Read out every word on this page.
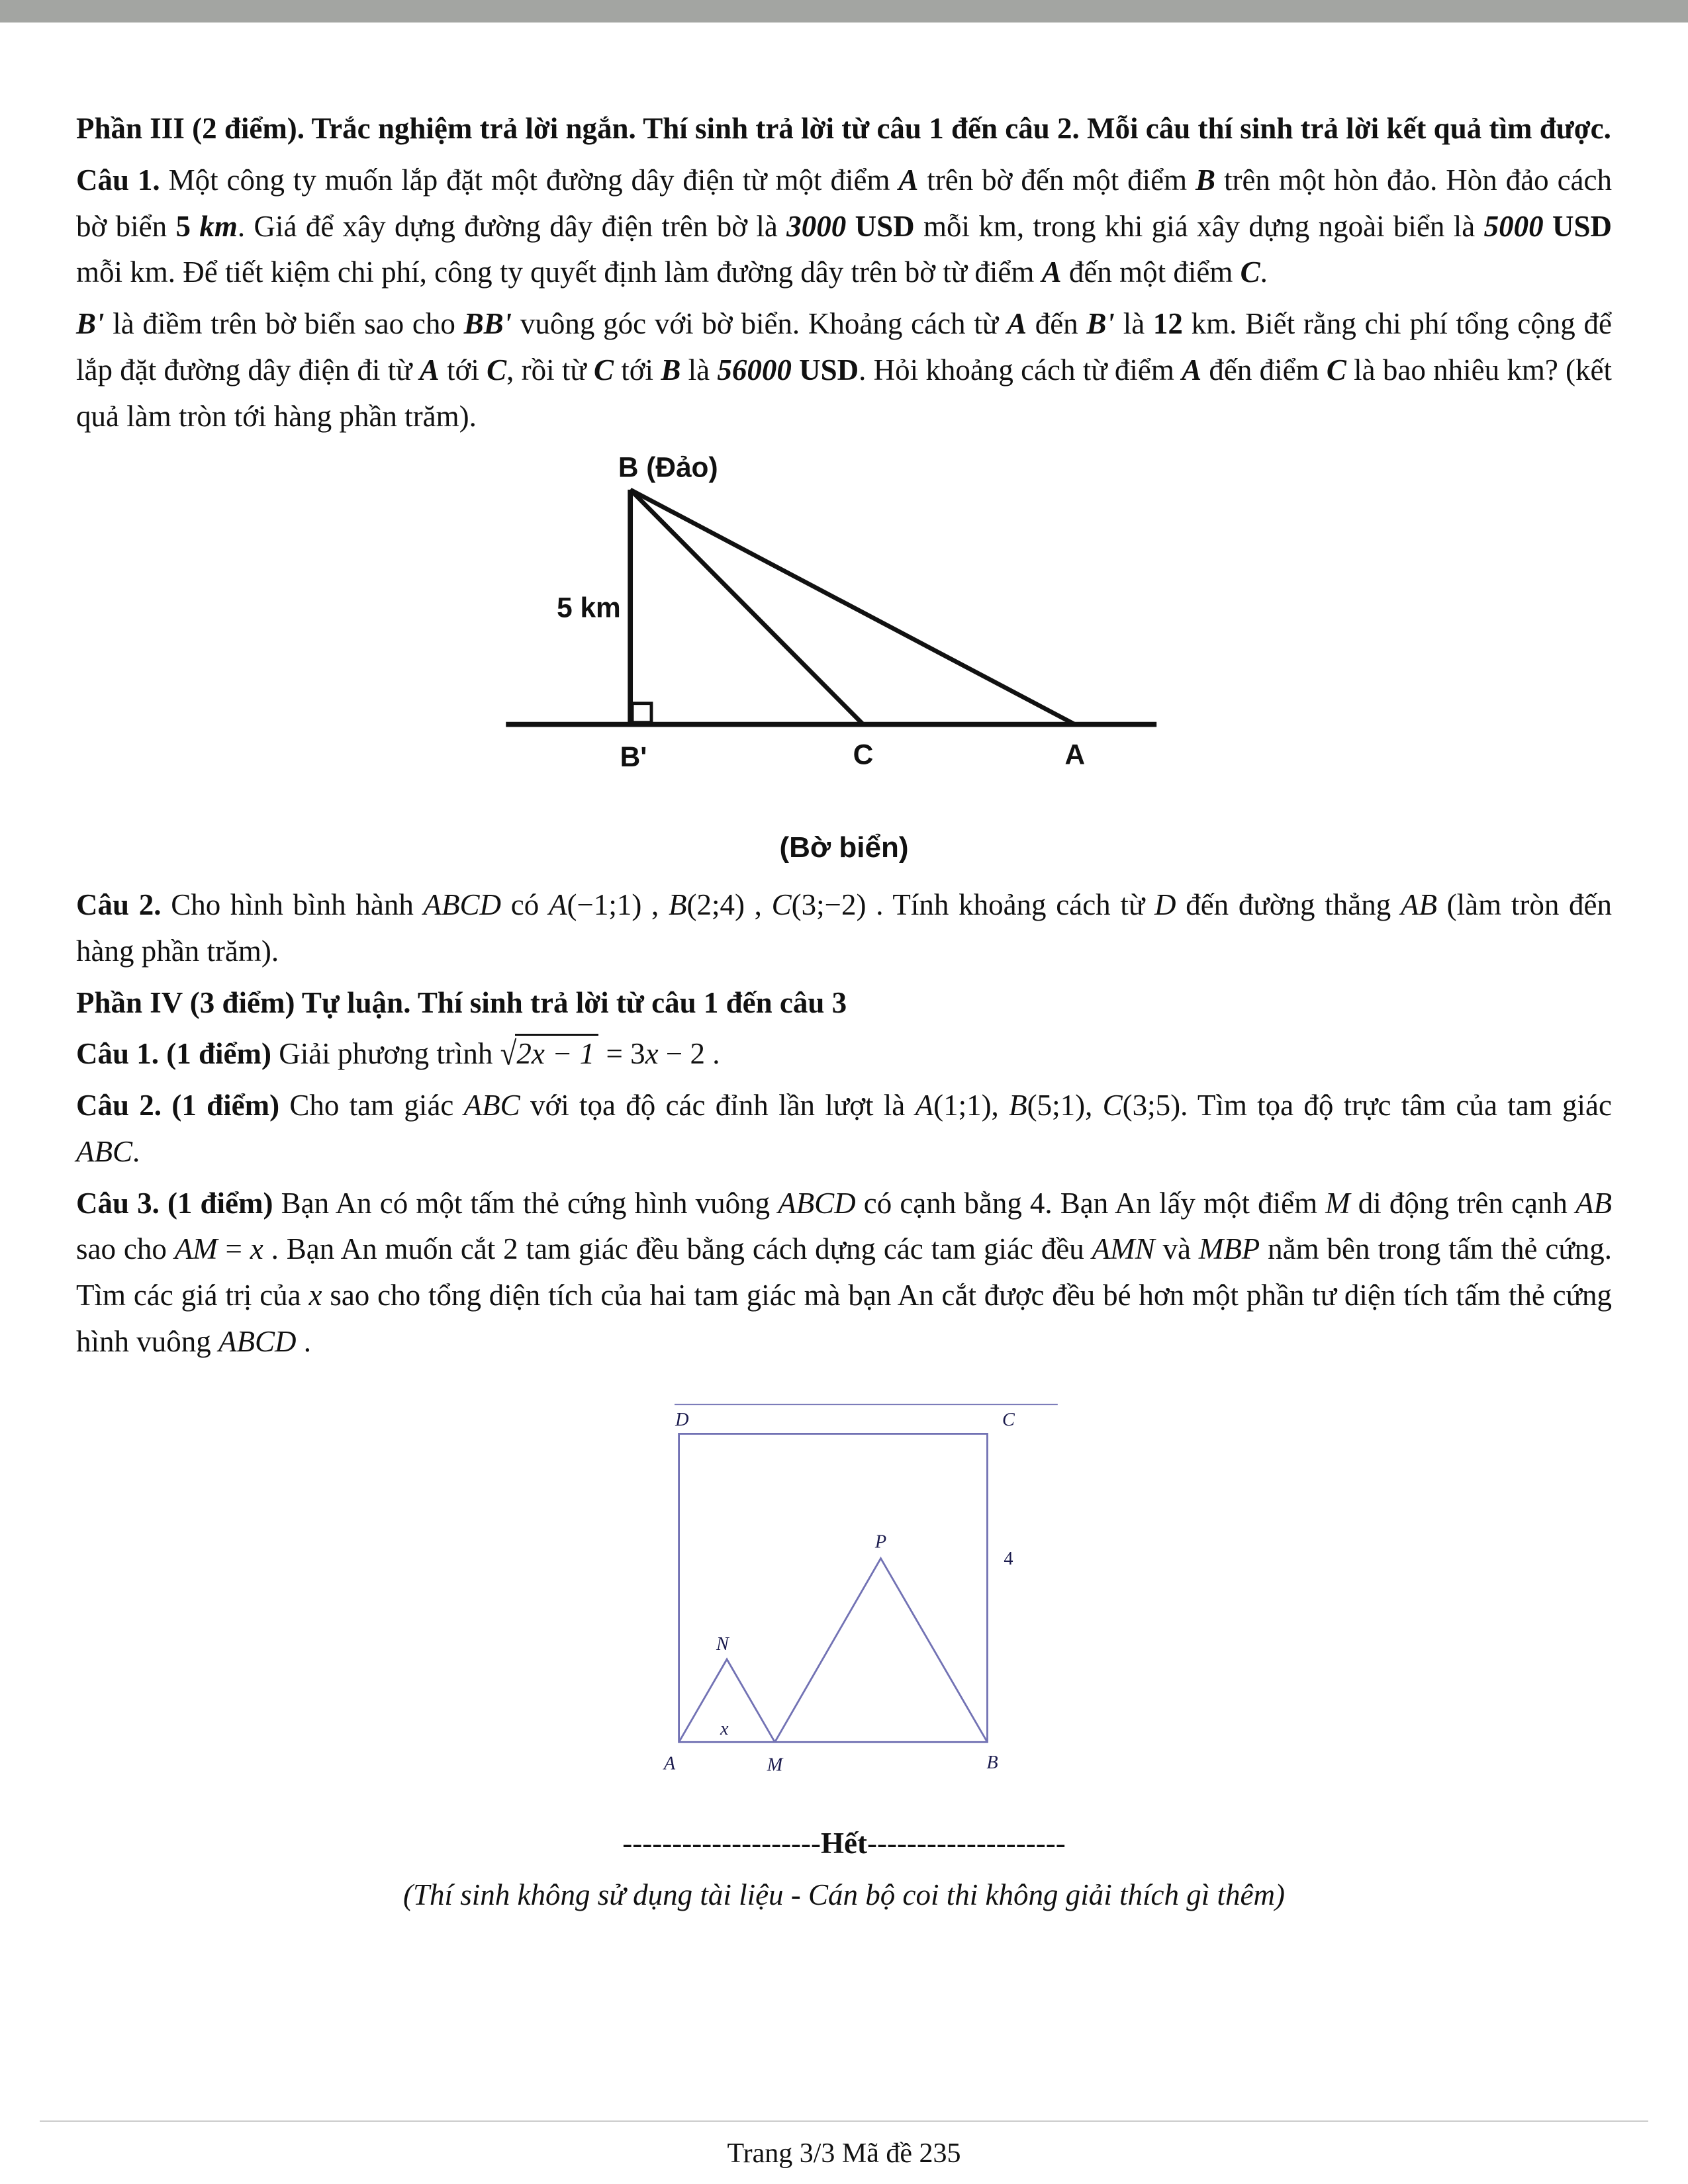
Phần III (2 điểm). Trắc nghiệm trả lời ngắn. Thí sinh trả lời từ câu 1 đến câu 2. Mỗi câu thí sinh trả lời kết quả tìm được.

Câu 1. Một công ty muốn lắp đặt một đường dây điện từ một điểm A trên bờ đến một điểm B trên một hòn đảo. Hòn đảo cách bờ biển 5 km. Giá để xây dựng đường dây điện trên bờ là 3000 USD mỗi km, trong khi giá xây dựng ngoài biển là 5000 USD mỗi km. Để tiết kiệm chi phí, công ty quyết định làm đường dây trên bờ từ điểm A đến một điểm C.

B' là điềm trên bờ biển sao cho BB' vuông góc với bờ biển. Khoảng cách từ A đến B' là 12 km. Biết rằng chi phí tổng cộng để lắp đặt đường dây điện đi từ A tới C, rồi từ C tới B là 56000 USD. Hỏi khoảng cách từ điểm A đến điểm C là bao nhiêu km? (kết quả làm tròn tới hàng phần trăm).

B (Đảo)
5 km
B'	C	A
(Bờ biển)

Câu 2. Cho hình bình hành ABCD có A(−1;1) , B(2;4) , C(3;−2) . Tính khoảng cách từ D đến đường thẳng AB (làm tròn đến hàng phần trăm).

Phần IV (3 điểm) Tự luận. Thí sinh trả lời từ câu 1 đến câu 3

Câu 1. (1 điểm) Giải phương trình √2x − 1 = 3x − 2 .

Câu 2. (1 điểm) Cho tam giác ABC với tọa độ các đỉnh lần lượt là A(1;1), B(5;1), C(3;5). Tìm tọa độ trực tâm của tam giác ABC.

Câu 3. (1 điểm) Bạn An có một tấm thẻ cứng hình vuông ABCD có cạnh bằng 4. Bạn An lấy một điểm M di động trên cạnh AB sao cho AM = x . Bạn An muốn cắt 2 tam giác đều bằng cách dựng các tam giác đều AMN và MBP nằm bên trong tấm thẻ cứng. Tìm các giá trị của x sao cho tổng diện tích của hai tam giác mà bạn An cắt được đều bé hơn một phần tư diện tích tấm thẻ cứng hình vuông ABCD .

D	C
A	B
M
N
P
4
x

--------------------Hết--------------------

(Thí sinh không sử dụng tài liệu - Cán bộ coi thi không giải thích gì thêm)

Trang 3/3 Mã đề 235
